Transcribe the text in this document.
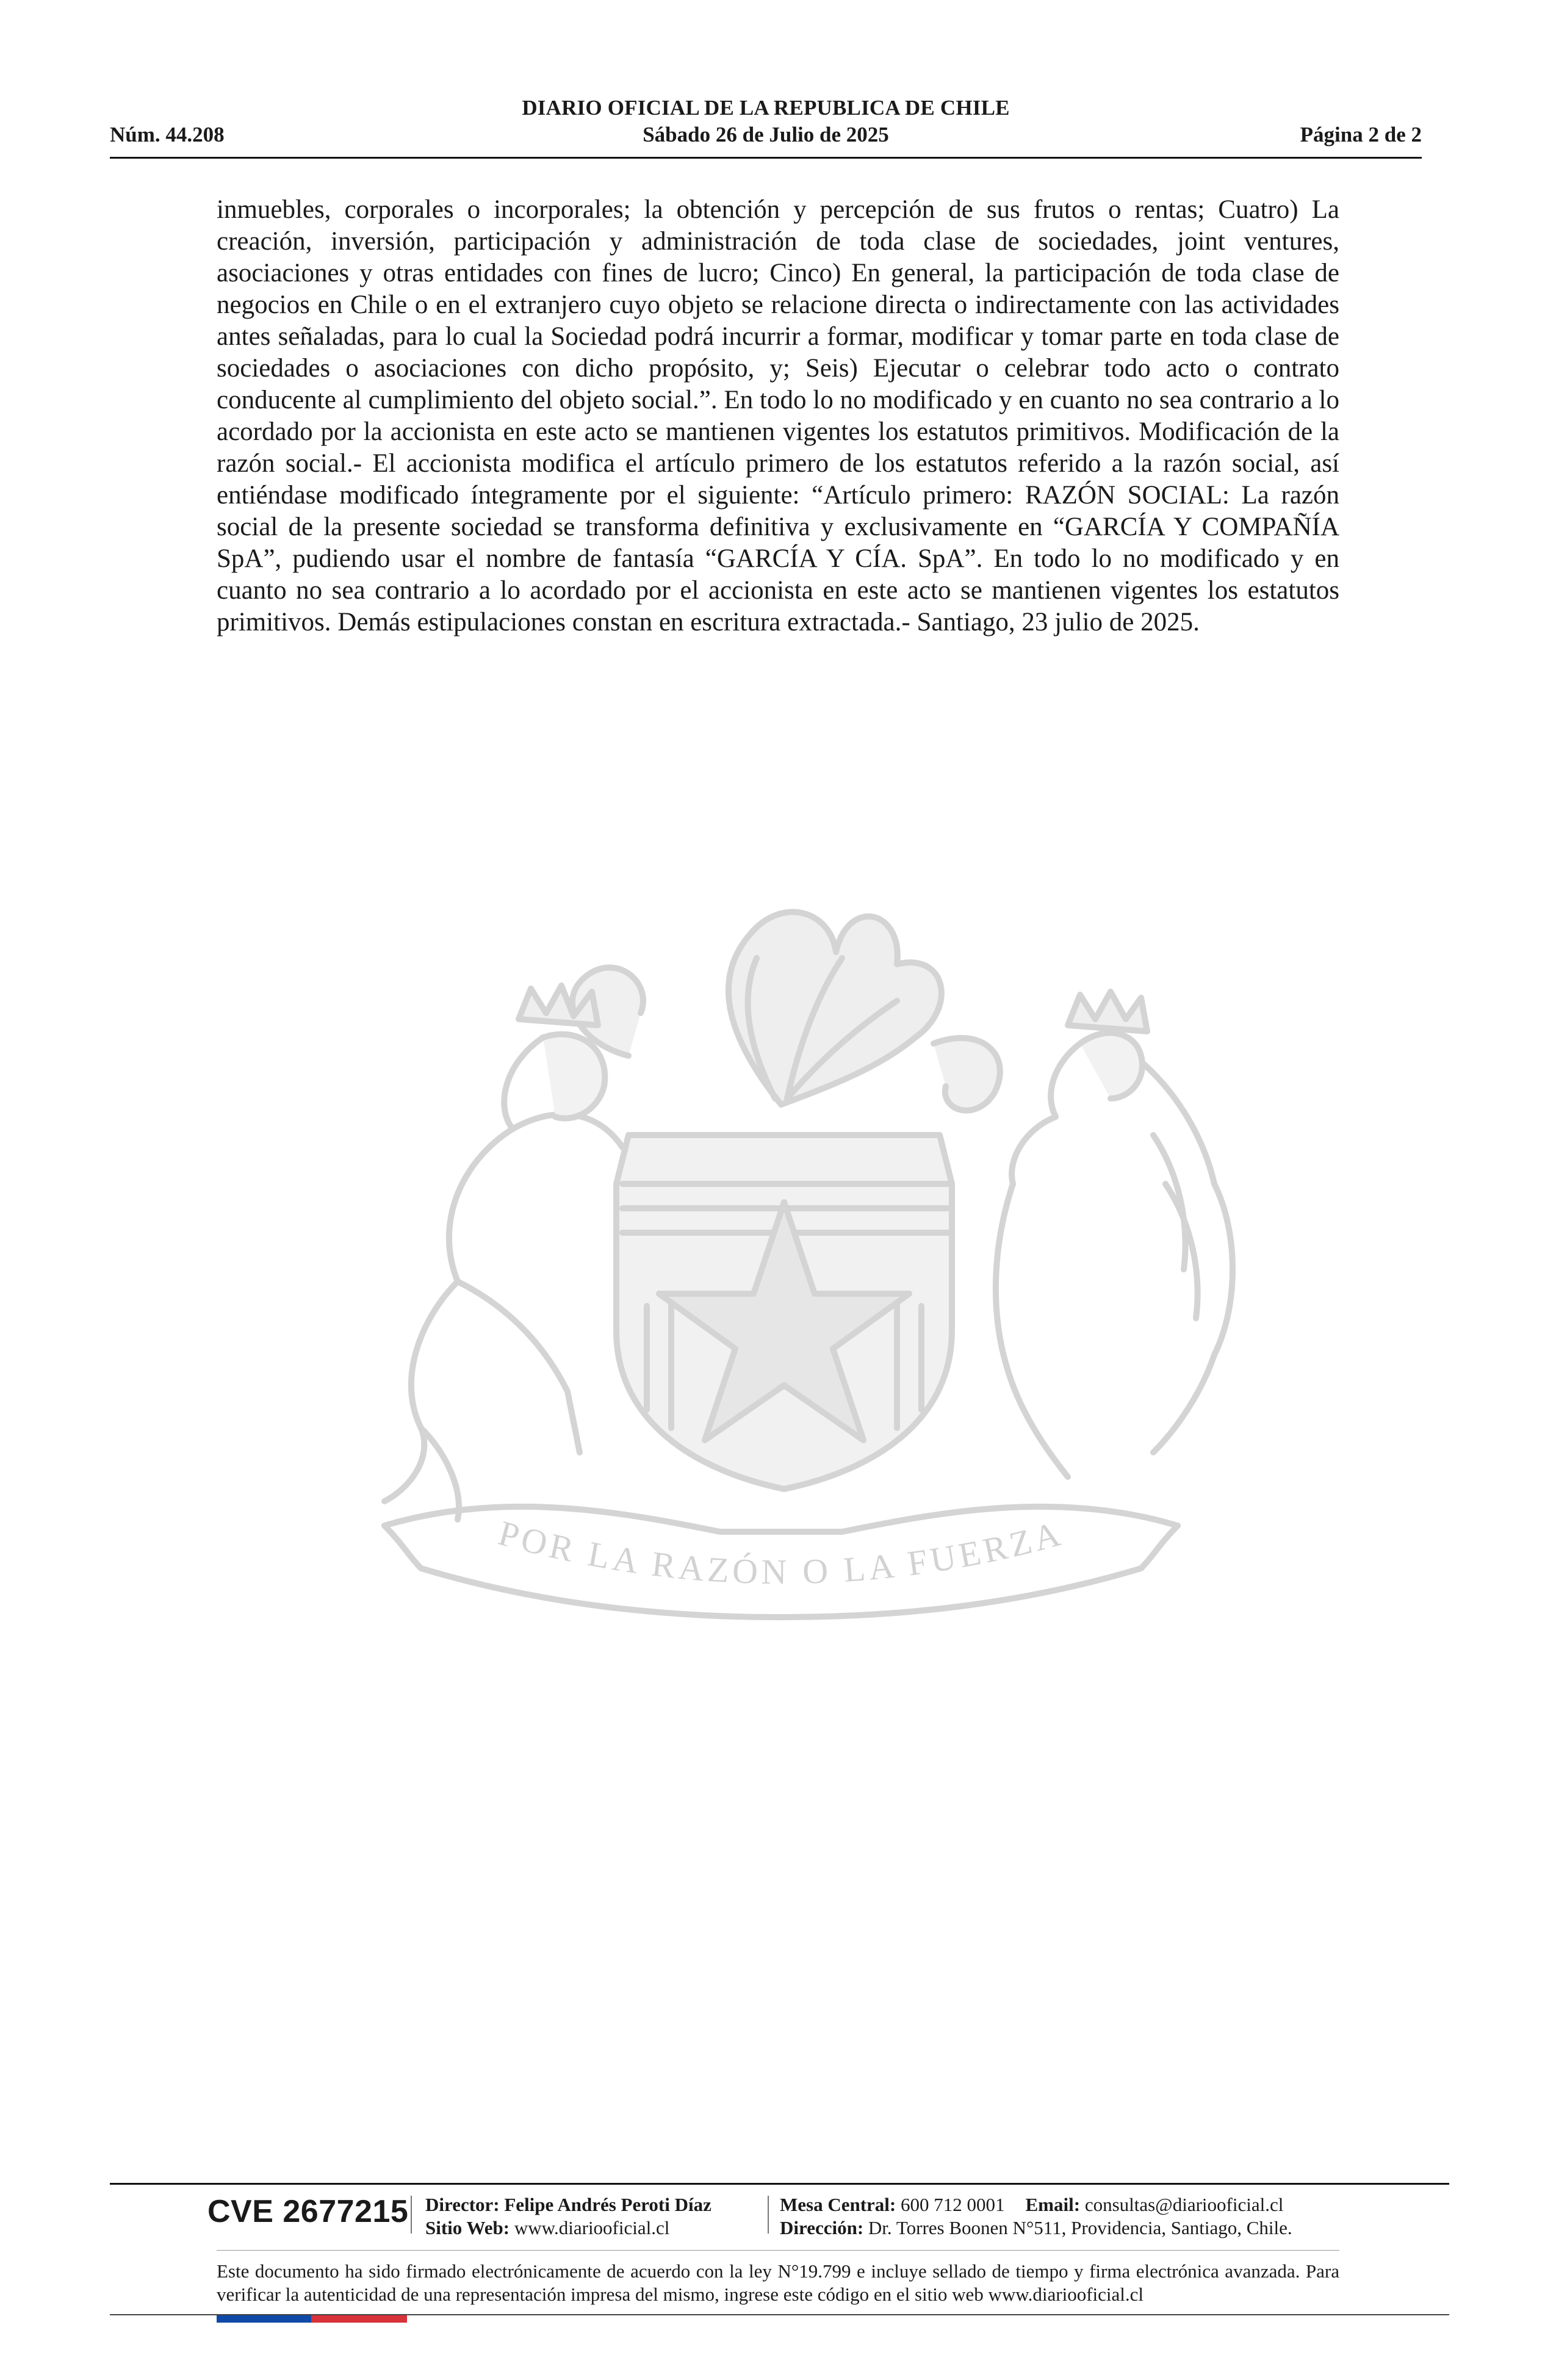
DIARIO OFICIAL DE LA REPUBLICA DE CHILE
Núm. 44.208	Sábado 26 de Julio de 2025	Página 2 de 2
POR LA RAZÓN O LA FUERZA

inmuebles, corporales o incorporales; la obtención y percepción de sus frutos o rentas; Cuatro) La creación, inversión, participación y administración de toda clase de sociedades, joint ventures, asociaciones y otras entidades con fines de lucro; Cinco) En general, la participación de toda clase de negocios en Chile o en el extranjero cuyo objeto se relacione directa o indirectamente con las actividades antes señaladas, para lo cual la Sociedad podrá incurrir a formar, modificar y tomar parte en toda clase de sociedades o asociaciones con dicho propósito, y; Seis) Ejecutar o celebrar todo acto o contrato conducente al cumplimiento del objeto social.”. En todo lo no modificado y en cuanto no sea contrario a lo acordado por la accionista en este acto se mantienen vigentes los estatutos primitivos. Modificación de la razón social.- El accionista modifica el artículo primero de los estatutos referido a la razón social, así entiéndase modificado íntegramente por el siguiente: “Artículo primero: RAZÓN SOCIAL: La razón social de la presente sociedad se transforma definitiva y exclusivamente en “GARCÍA Y COMPAÑÍA SpA”, pudiendo usar el nombre de fantasía “GARCÍA Y CÍA. SpA”. En todo lo no modificado y en cuanto no sea contrario a lo acordado por el accionista en este acto se mantienen vigentes los estatutos primitivos. Demás estipulaciones constan en escritura extractada.- Santiago, 23 julio de 2025.

CVE 2677215 Director: Felipe Andrés Peroti Díaz
Sitio Web: www.diariooficial.cl
Mesa Central: 600 712 0001 Email: consultas@diariooficial.cl
Dirección: Dr. Torres Boonen N°511, Providencia, Santiago, Chile.

Este documento ha sido firmado electrónicamente de acuerdo con la ley N°19.799 e incluye sellado de tiempo y firma electrónica avanzada. Para verificar la autenticidad de una representación impresa del mismo, ingrese este código en el sitio web www.diariooficial.cl
